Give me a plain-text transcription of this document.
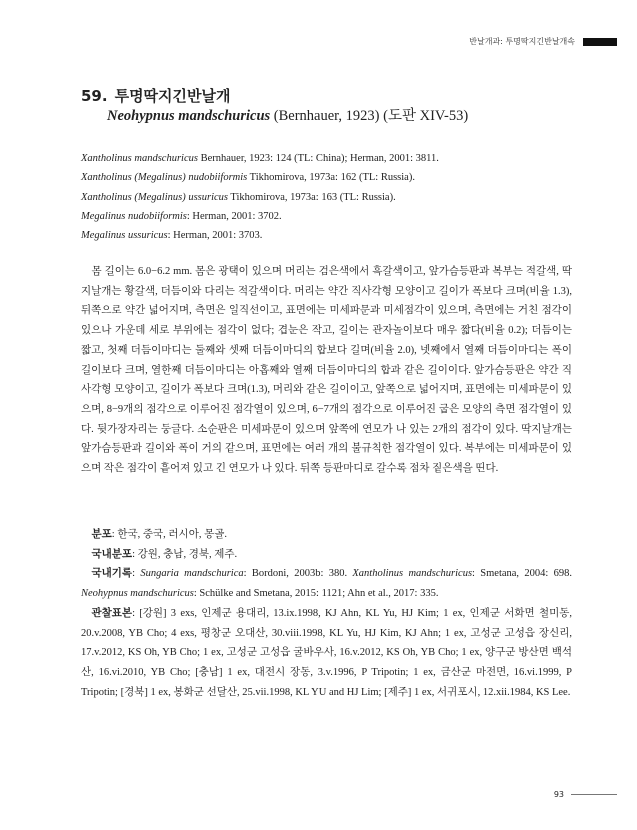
반날개과: 투명딱지긴반날개속
59. 투명딱지긴반날개
Neohypnus mandschuricus (Bernhauer, 1923) (도판 XIV-53)

Xantholinus mandschuricus Bernhauer, 1923: 124 (TL: China); Herman, 2001: 3811.

Xantholinus (Megalinus) nudobiiformis Tikhomirova, 1973a: 162 (TL: Russia).

Xantholinus (Megalinus) ussuricus Tikhomirova, 1973a: 163 (TL: Russia).

Megalinus nudobiiformis: Herman, 2001: 3702.

Megalinus ussuricus: Herman, 2001: 3703.

몸 길이는 6.0−6.2 mm. 몸은 광택이 있으며 머리는 검은색에서 흑갈색이고, 앞가슴등판과 복부는 적갈색, 딱지날개는 황갈색, 더듬이와 다리는 적갈색이다. 머리는 약간 직사각형 모양이고 길이가 폭보다 크며(비율 1.3), 뒤쪽으로 약간 넓어지며, 측면은 일직선이고, 표면에는 미세파문과 미세점각이 있으며, 측면에는 거친 점각이 있으나 가운데 세로 부위에는 점각이 없다; 겹눈은 작고, 길이는 관자놀이보다 매우 짧다(비율 0.2); 더듬이는 짧고, 첫째 더듬이마디는 둘째와 셋째 더듬이마디의 합보다 길며(비율 2.0), 넷째에서 열째 더듬이마디는 폭이 길이보다 크며, 열한째 더듬이마디는 아홉째와 열째 더듬이마디의 합과 같은 길이이다. 앞가슴등판은 약간 직사각형 모양이고, 길이가 폭보다 크며(1.3), 머리와 같은 길이이고, 앞쪽으로 넓어지며, 표면에는 미세파문이 있으며, 8−9개의 점각으로 이루어진 점각열이 있으며, 6−7개의 점각으로 이루어진 굽은 모양의 측면 점각열이 있다. 뒷가장자리는 둥글다. 소순판은 미세파문이 있으며 앞쪽에 연모가 나 있는 2개의 점각이 있다. 딱지날개는 앞가슴등판과 길이와 폭이 거의 같으며, 표면에는 여러 개의 불규칙한 점각열이 있다. 복부에는 미세파문이 있으며 작은 점각이 흩어져 있고 긴 연모가 나 있다. 뒤쪽 등판마디로 갈수록 점차 짙은색을 띤다.

분포: 한국, 중국, 러시아, 몽골.

국내분포: 강원, 충남, 경북, 제주.

국내기록: Sungaria mandschurica: Bordoni, 2003b: 380. Xantholinus mandschuricus: Smetana, 2004: 698. Neohypnus mandschuricus: Schülke and Smetana, 2015: 1121; Ahn et al., 2017: 335.

관찰표본: [강원] 3 exs, 인제군 용대리, 13.ix.1998, KJ Ahn, KL Yu, HJ Kim; 1 ex, 인제군 서화면 철미동, 20.v.2008, YB Cho; 4 exs, 평창군 오대산, 30.viii.1998, KL Yu, HJ Kim, KJ Ahn; 1 ex, 고성군 고성읍 장신리, 17.v.2012, KS Oh, YB Cho; 1 ex, 고성군 고성읍 굴바우사, 16.v.2012, KS Oh, YB Cho; 1 ex, 양구군 방산면 백석산, 16.vi.2010, YB Cho; [충남] 1 ex, 대전시 장동, 3.v.1996, P Tripotin; 1 ex, 금산군 마전면, 16.vi.1999, P Tripotin; [경북] 1 ex, 봉화군 선달산, 25.vii.1998, KL YU and HJ Lim; [제주] 1 ex, 서귀포시, 12.xii.1984, KS Lee.

93
